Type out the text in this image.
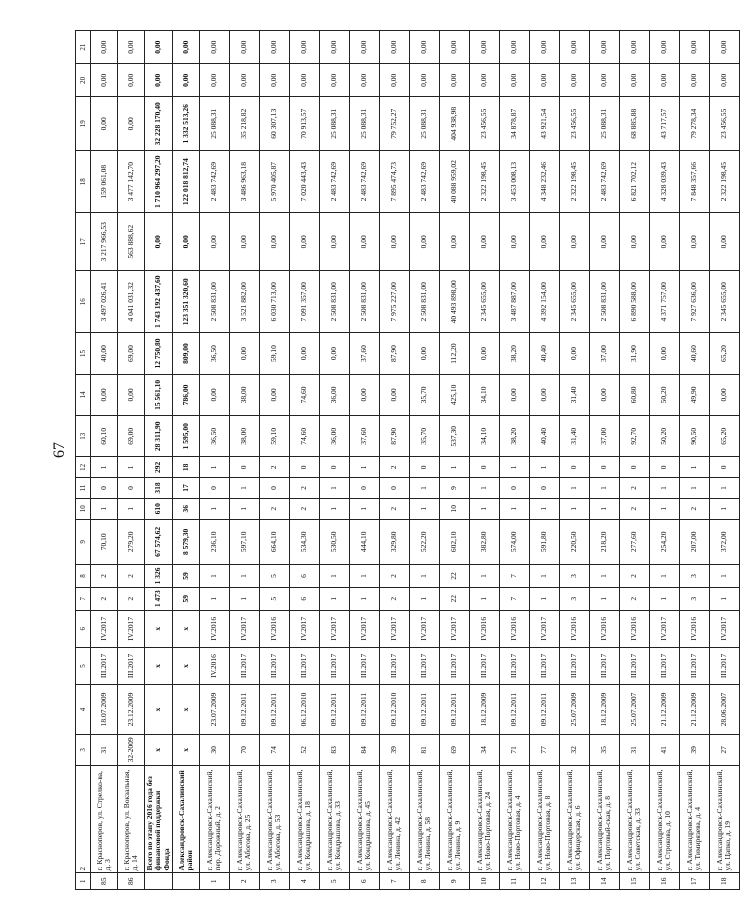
67
1	2	3	4	5	6	7	8	9	10	11	12	13	14	15	16	17	18	19	20	21
85	г. Красноперов, ул. Стрелко-ва, д. 3	31	18.07.2009	III.2017	IV.2017	2	2	70,10	1	0	1	60,10	0,00	40,00	3 497 026,41	3 217 966,53	159 061,08	0,00	0,00	0,00
86	г. Красноперов, ул. Вокзальная, д. 14	32-2009	23.12.2009	III.2017	IV.2017	2	2	279,20	1	0	1	69,00	0,00	69,00	4 041 031,32	563 888,62	3 477 142,70	0,00	0,00	0,00
	Всего по этапу 2016 года без финансовой поддержки Фонда	x	x	x	x	1 473	1 326	67 574,62	610	318	292	28 311,90	15 561,10	12 750,80	1 743 192 437,60	0,00	1 710 964 297,20	32 228 170,40	0,00	0,00
	Александровск-Сахалинский район	x	x	x	x	59	59	8 579,30	36	17	18	1 595,00	786,00	809,00	123 351 320,60	0,00	122 018 812,74	1 332 513,26	0,00	0,00
1	г. Александровск-Сахалинский, пер. Дорожный, д. 2	30	23.07.2009	IV.2016	IV.2016	1	1	236,10	1	0	1	36,50	0,00	36,50	2 508 831,00	0,00	2 483 742,69	25 088,31	0,00	0,00
2	г. Александровск-Сахалинский, ул. Абогова, д. 25	70	09.12.2011	III.2017	IV.2017	1	1	597,10	1	1	0	38,00	38,00	0,00	3 521 882,00	0,00	3 486 963,18	35 218,82	0,00	0,00
3	г. Александровск-Сахалинский, ул. Абогова, д. 53	74	09.12.2011	III.2017	IV.2016	5	5	664,10	2	0	2	59,10	0,00	59,10	6 030 713,00	0,00	5 970 405,87	60 307,13	0,00	0,00
4	г. Александровск-Сахалинский, ул. Кондрашова, д. 18	52	06.12.2010	III.2017	IV.2017	6	6	534,30	2	2	0	74,60	74,60	0,00	7 091 357,00	0,00	7 020 443,43	70 913,57	0,00	0,00
5	г. Александровск-Сахалинский, ул. Кондрашова, д. 33	83	09.12.2011	III.2017	IV.2017	1	1	530,50	1	1	0	36,00	36,00	0,00	2 508 831,00	0,00	2 483 742,69	25 088,31	0,00	0,00
6	г. Александровск-Сахалинский, ул. Кондрашова, д. 45	84	09.12.2011	III.2017	IV.2017	1	1	444,10	1	0	1	37,60	0,00	37,60	2 508 831,00	0,00	2 483 742,69	25 088,31	0,00	0,00
7	г. Александровск-Сахалинский, ул. Ленина, д. 42	39	09.12.2010	III.2017	IV.2017	2	2	329,80	2	0	2	87,90	0,00	87,90	7 975 227,00	0,00	7 895 474,73	79 752,27	0,00	0,00
8	г. Александровск-Сахалинский, ул. Ленина, д. 58	81	09.12.2011	III.2017	IV.2017	1	1	522,20	1	1	0	35,70	35,70	0,00	2 508 831,00	0,00	2 483 742,69	25 088,31	0,00	0,00
9	г. Александровск-Сахалинский, ул. Ленина, д. 9	69	09.12.2011	III.2017	IV.2017	22	22	602,10	10	9	1	537,30	425,10	112,20	40 493 898,00	0,00	40 088 959,02	404 938,98	0,00	0,00
10	г. Александровск-Сахалинский, ул. Ново-Портовая, д. 24	34	18.12.2009	III.2017	IV.2016	1	1	382,80	1	1	0	34,10	34,10	0,00	2 345 655,00	0,00	2 322 198,45	23 456,55	0,00	0,00
11	г. Александровск-Сахалинский, ул. Ново-Портовая, д. 4	71	09.12.2011	III.2017	IV.2016	7	7	574,00	1	0	1	38,20	0,00	38,20	3 487 887,00	0,00	3 453 008,13	34 878,87	0,00	0,00
12	г. Александровск-Сахалинский, ул. Ново-Портовая, д. 8	77	09.12.2011	III.2017	IV.2017	1	1	591,80	1	0	1	40,40	0,00	40,40	4 392 154,00	0,00	4 348 232,46	43 921,54	0,00	0,00
13	г. Александровск-Сахалинский, ул. Офицерская, д. 6	32	25.07.2009	III.2017	IV.2016	3	3	220,50	1	1	0	31,40	31,40	0,00	2 345 655,00	0,00	2 322 198,45	23 456,55	0,00	0,00
14	г. Александровск-Сахалинский, ул. Портовый-ская, д. 8	35	18.12.2009	III.2017	IV.2016	1	1	218,20	1	1	0	37,00	0,00	37,00	2 508 831,00	0,00	2 483 742,69	25 088,31	0,00	0,00
15	г. Александровск-Сахалинский, ул. Советская, д. 33	31	25.07.2007	III.2017	IV.2016	2	2	277,60	2	2	0	92,70	60,80	31,90	6 890 588,00	0,00	6 821 702,12	68 885,88	0,00	0,00
16	г. Александровск-Сахалинский, ул. Строкова, д. 10	41	21.12.2009	III.2017	IV.2017	1	1	254,20	1	1	0	50,20	50,20	0,00	4 371 757,00	0,00	4 328 039,43	43 717,57	0,00	0,00
17	г. Александровск-Сахалинский, ул. Тимирязева, д. 4	39	21.12.2009	III.2017	IV.2016	3	3	207,00	2	1	1	90,50	49,90	40,60	7 927 636,00	0,00	7 848 357,66	79 278,34	0,00	0,00
18	г. Александровск-Сахалинский, ул. Цапко, д. 19	27	28.06.2007	III.2017	IV.2017	1	1	372,00	1	1	0	65,20	0,00	65,20	2 345 655,00	0,00	2 322 198,45	23 456,55	0,00	0,00
